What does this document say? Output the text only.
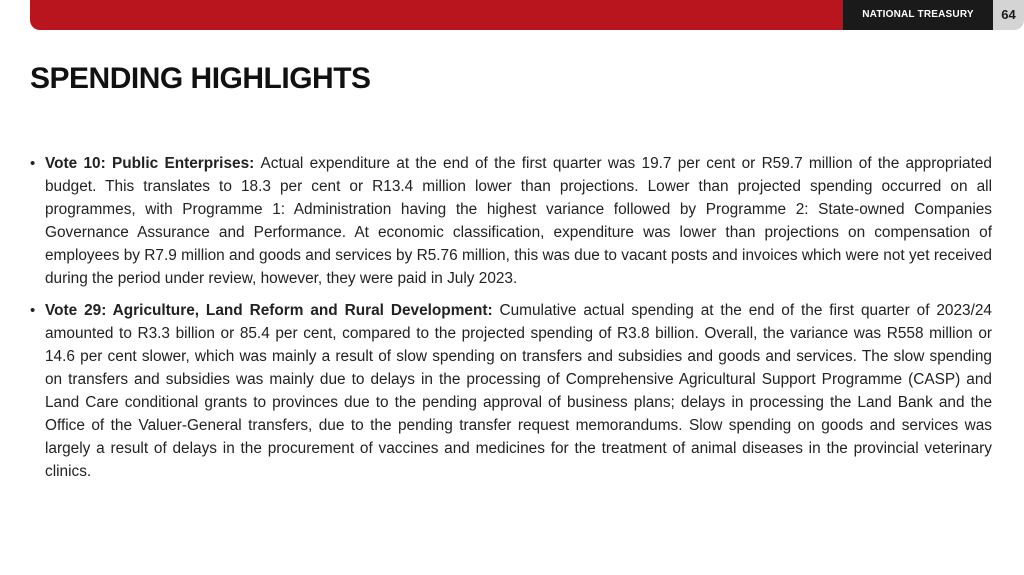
NATIONAL TREASURY	64
SPENDING HIGHLIGHTS
• Vote 10: Public Enterprises: Actual expenditure at the end of the first quarter was 19.7 per cent or R59.7 million of the appropriated budget. This translates to 18.3 per cent or R13.4 million lower than projections. Lower than projected spending occurred on all programmes, with Programme 1: Administration having the highest variance followed by Programme 2: State-owned Companies Governance Assurance and Performance. At economic classification, expenditure was lower than projections on compensation of employees by R7.9 million and goods and services by R5.76 million, this was due to vacant posts and invoices which were not yet received during the period under review, however, they were paid in July 2023.
• Vote 29: Agriculture, Land Reform and Rural Development: Cumulative actual spending at the end of the first quarter of 2023/24 amounted to R3.3 billion or 85.4 per cent, compared to the projected spending of R3.8 billion. Overall, the variance was R558 million or 14.6 per cent slower, which was mainly a result of slow spending on transfers and subsidies and goods and services. The slow spending on transfers and subsidies was mainly due to delays in the processing of Comprehensive Agricultural Support Programme (CASP) and Land Care conditional grants to provinces due to the pending approval of business plans; delays in processing the Land Bank and the Office of the Valuer-General transfers, due to the pending transfer request memorandums. Slow spending on goods and services was largely a result of delays in the procurement of vaccines and medicines for the treatment of animal diseases in the provincial veterinary clinics.
